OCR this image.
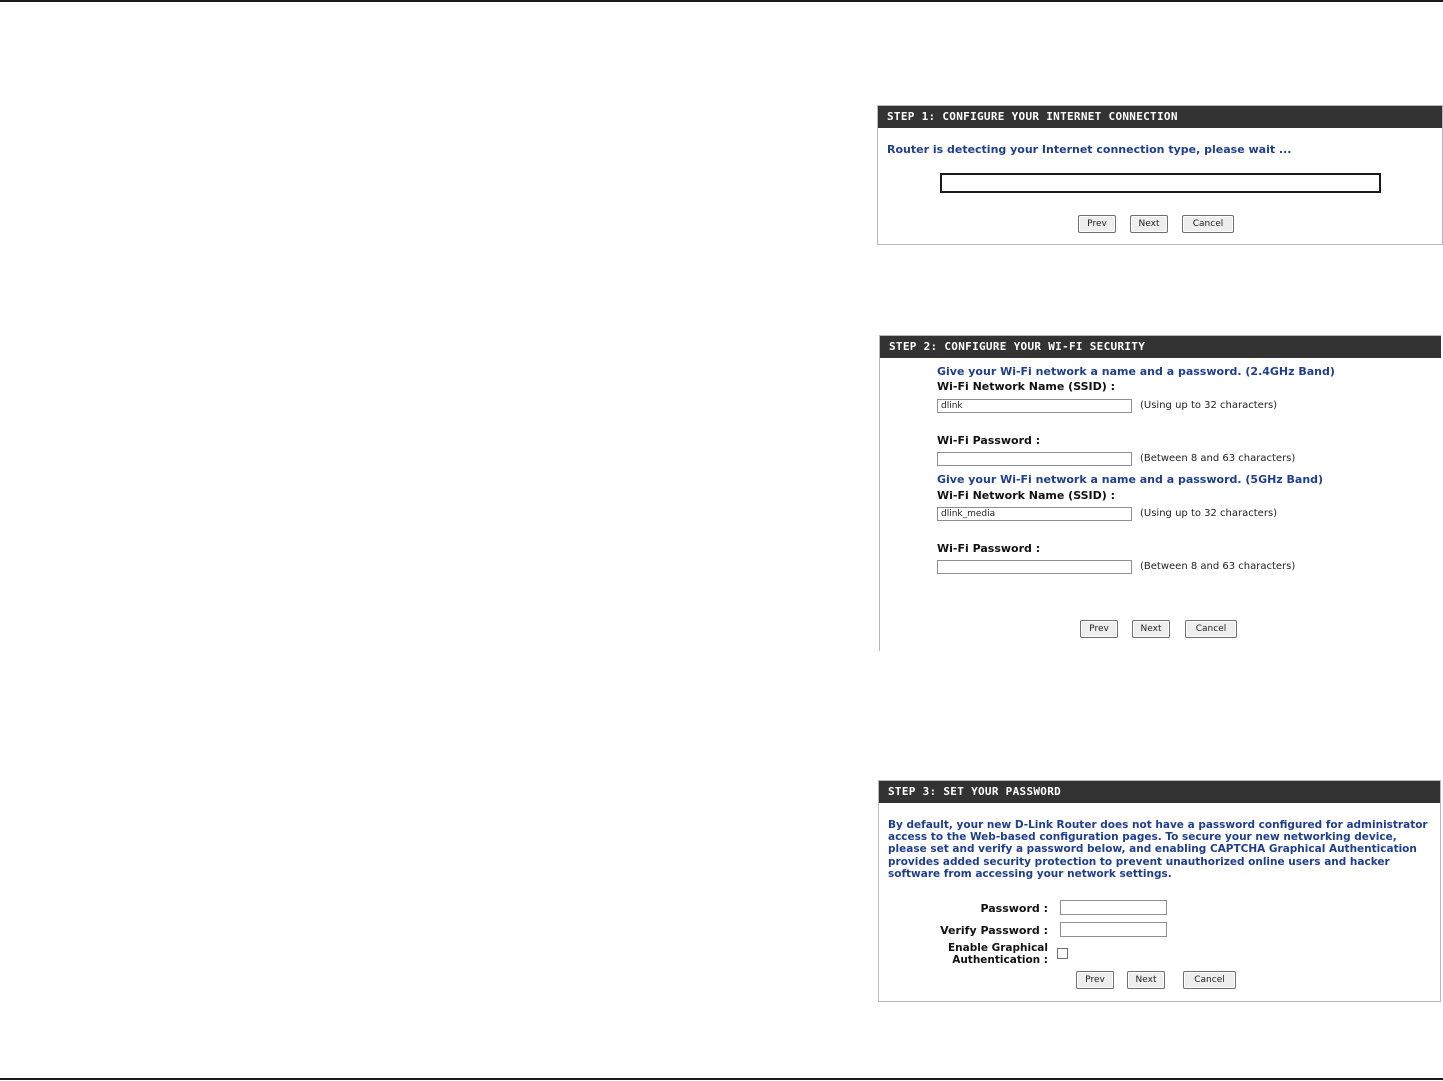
STEP 1: CONFIGURE YOUR INTERNET CONNECTION
Router is detecting your Internet connection type, please wait ...
Prev	Next	Cancel
STEP 2: CONFIGURE YOUR WI-FI SECURITY
Give your Wi-Fi network a name and a password. (2.4GHz Band)
Wi-Fi Network Name (SSID) :
dlink
(Using up to 32 characters)
Wi-Fi Password :
(Between 8 and 63 characters)
Give your Wi-Fi network a name and a password. (5GHz Band)
Wi-Fi Network Name (SSID) :
dlink_media
(Using up to 32 characters)
Wi-Fi Password :
(Between 8 and 63 characters)
Prev	Next	Cancel
STEP 3: SET YOUR PASSWORD
By default, your new D-Link Router does not have a password configured for administrator access to the Web-based configuration pages. To secure your new networking device, please set and verify a password below, and enabling CAPTCHA Graphical Authentication provides added security protection to prevent unauthorized online users and hacker software from accessing your network settings.
Password :
Verify Password :
Enable Graphical
Authentication :
Prev	Next	Cancel
